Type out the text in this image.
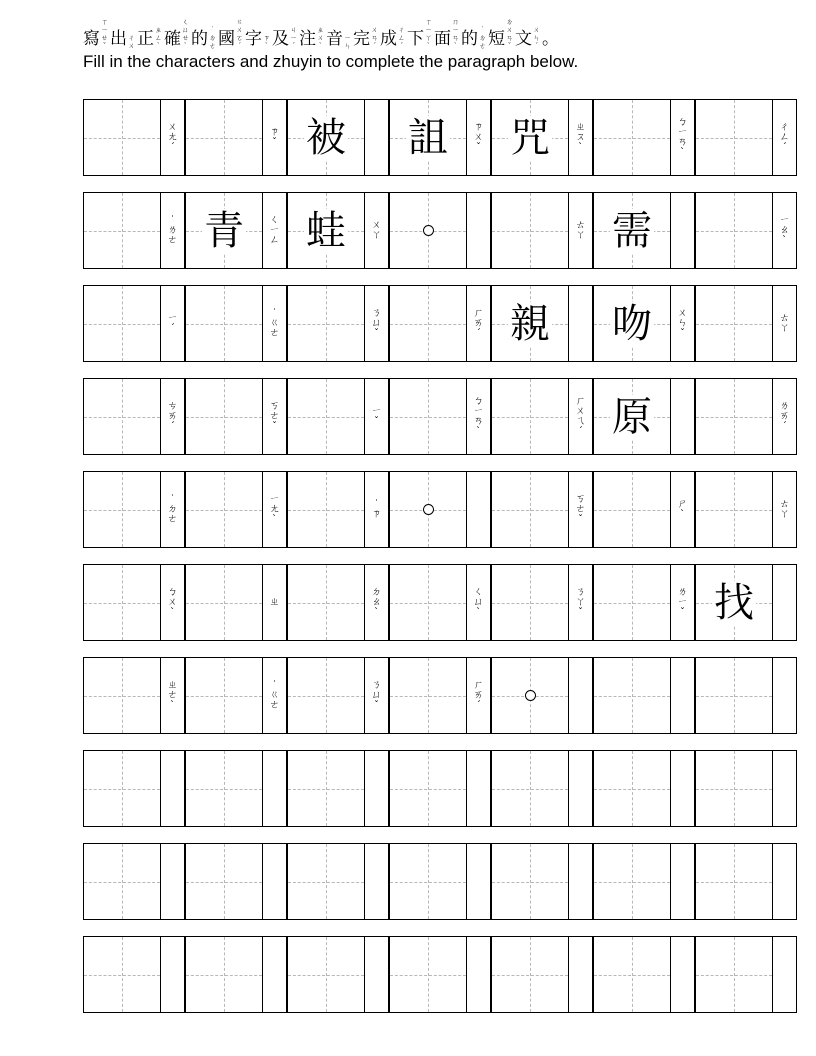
寫
ㄒ
ㄧ
ㄝ
ˇ 出 ㄔ
ㄨ 正 ㄓ
ㄥ
ˋ 確
ㄑ
ㄩ
ㄝ
ˋ 的 ˙
ㄉ
ㄜ 國
ㄍ
ㄨ
ㄛ
ˊ 字 ㄗ
ˋ 及 ㄐ
ㄧ
ˊ 注 ㄓ
ㄨ
ˋ 音 ㄧ
ㄣ 完 ㄨ
ㄢ
ˊ 成 ㄔ
ㄥ
ˊ 下
ㄒ
ㄧ
ㄚ
ˋ 面
ㄇ
ㄧ
ㄢ
ˋ 的 ˙
ㄉ
ㄜ 短
ㄉ
ㄨ
ㄢ
ˇ 文 ㄨ
ㄣ
ˊ 。
Fill in the characters and zhuyin to complete the paragraph below.
ㄨ
ㄤ
ˊ
ㄗ
ˇ 被 詛	ㄗ
ㄨ
ˇ 咒	ㄓ
ㄡ
ˋ
ㄅ
ㄧ
ㄢ
ˋ
ㄔ
ㄥ
ˊ
˙
ㄌ
ㄜ 青	ㄑ
ㄧ
ㄥ 蛙	ㄨ
ㄚ
ㄊ
ㄚ 需	ㄧ
ㄠ
ˋ
ㄧ
ˊ
˙
ㄍ
ㄜ
ㄋ
ㄩ
ˇ
ㄏ
ㄞ
ˊ 親 吻	ㄨ
ㄣ
ˇ
ㄊ
ㄚ
ㄘ
ㄞ
ˊ
ㄎ
ㄜ
ˇ
ㄧ
ˇ
ㄅ
ㄧ
ㄢ
ˋ
ㄏ
ㄨ
ㄟ
ˊ 原	ㄌ
ㄞ
ˊ
˙
ㄉ
ㄜ
ㄧ
ㄤ
ˋ
˙
ㄗ
ㄎ
ㄜ
ˇ
ㄕ
ˋ
ㄊ
ㄚ
ㄅ
ㄨ
ˋ
ㄓ
ㄉ
ㄠ
ˋ
ㄑ
ㄩ
ˋ
ㄋ
ㄚ
ˇ
ㄌ
ㄧ
ˇ 找
ㄓ
ㄜ
ˋ
˙
ㄍ
ㄜ
ㄋ
ㄩ
ˇ
ㄏ
ㄞ
ˊ
